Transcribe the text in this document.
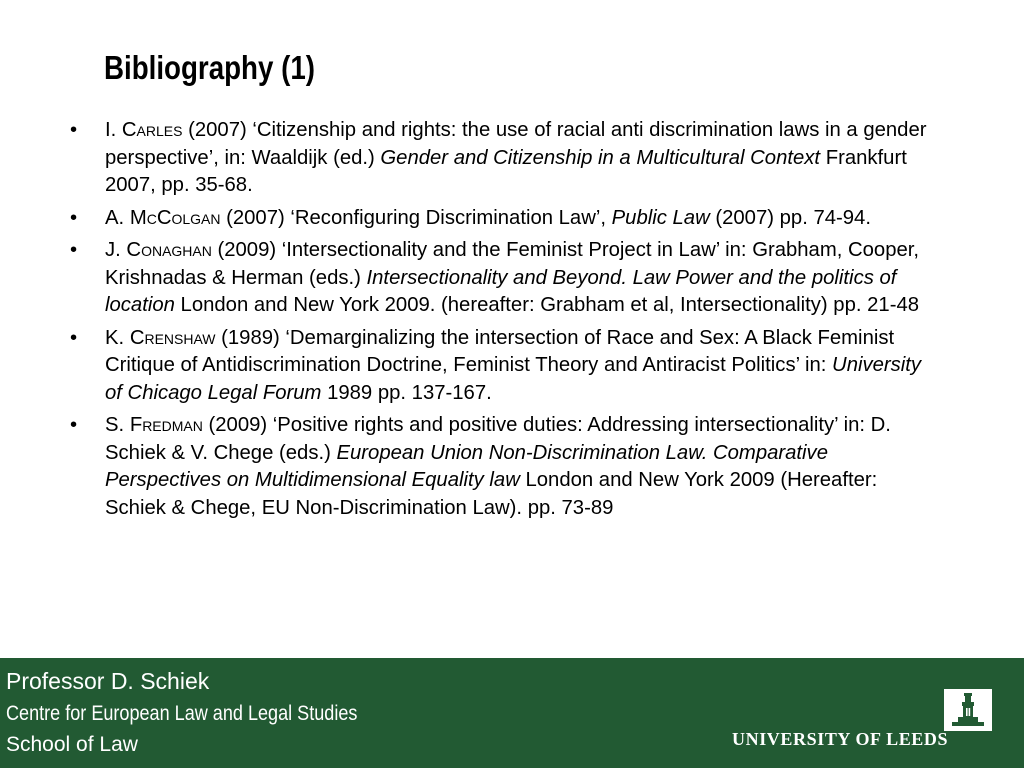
Bibliography (1)
• I. Carles (2007) ‘Citizenship and rights: the use of racial anti discrimination laws in a gender perspective’, in: Waaldijk (ed.) Gender and Citizenship in a Multicultural Context Frankfurt 2007, pp. 35-68.
• A. McColgan (2007) ‘Reconfiguring Discrimination Law’, Public Law (2007) pp. 74-94.
• J. Conaghan (2009) ‘Intersectionality and the Feminist Project in Law’ in: Grabham, Cooper, Krishnadas & Herman (eds.) Intersectionality and Beyond. Law Power and the politics of location London and New York 2009. (hereafter: Grabham et al, Intersectionality) pp. 21-48
• K. Crenshaw (1989) ‘Demarginalizing the intersection of Race and Sex: A Black Feminist Critique of Antidiscrimination Doctrine, Feminist Theory and Antiracist Politics’ in: University of Chicago Legal Forum 1989 pp. 137-167.
• S. Fredman (2009) ‘Positive rights and positive duties: Addressing intersectionality’ in: D. Schiek & V. Chege (eds.) European Union Non-Discrimination Law. Comparative Perspectives on Multidimensional Equality law London and New York 2009 (Hereafter: Schiek & Chege, EU Non-Discrimination Law). pp. 73-89
Professor D. Schiek
Centre for European Law and Legal Studies
School of Law	UNIVERSITY OF LEEDS
